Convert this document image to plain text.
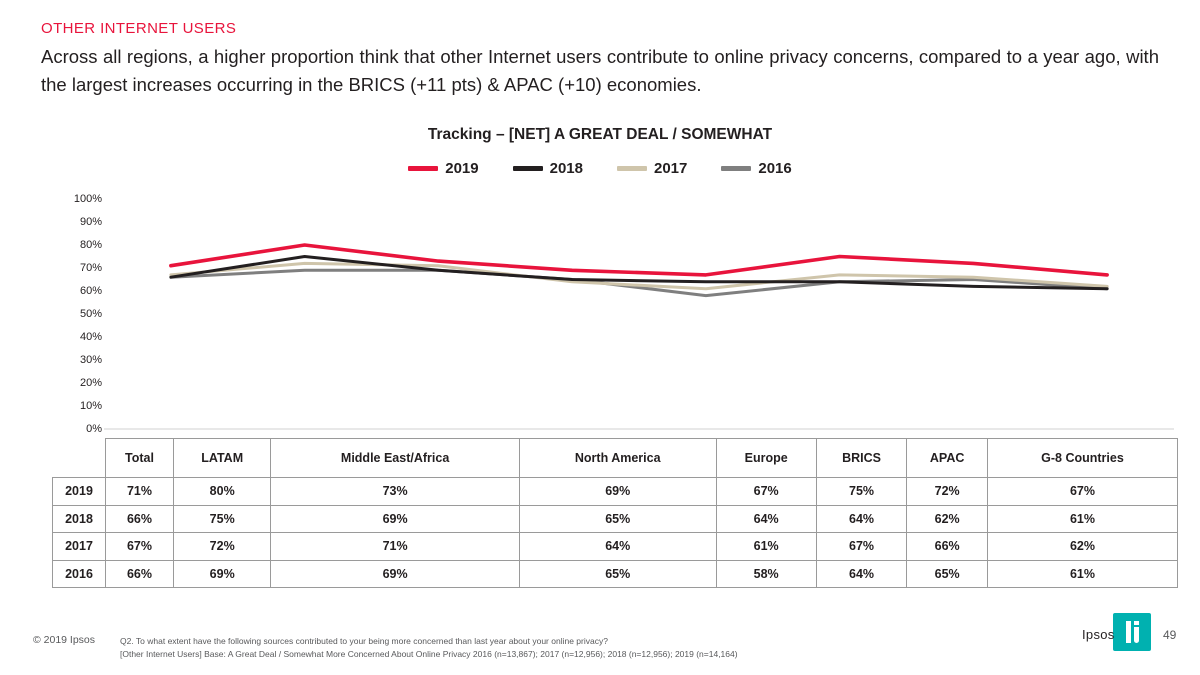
OTHER INTERNET USERS
Across all regions, a higher proportion think that other Internet users contribute to online privacy concerns, compared to a year ago, with the largest increases occurring in the BRICS (+11 pts) & APAC (+10) economies.
Tracking – [NET] A GREAT DEAL / SOMEWHAT
2019	2018	2017	2016
100%
90%
80%
70%
60%
50%
40%
30%
20%
10%
0%
	Total	LATAM	Middle East/Africa	North America	Europe	BRICS	APAC	G-8 Countries
2019	71%	80%	73%	69%	67%	75%	72%	67%
2018	66%	75%	69%	65%	64%	64%	62%	61%
2017	67%	72%	71%	64%	61%	67%	66%	62%
2016	66%	69%	69%	65%	58%	64%	65%	61%
© 2019 Ipsos	Q2. To what extent have the following sources contributed to your being more concerned than last year about your online privacy?
[Other Internet Users] Base: A Great Deal / Somewhat More Concerned About Online Privacy 2016 (n=13,867); 2017 (n=12,956); 2018 (n=12,956); 2019 (n=14,164)
Ipsos	49
